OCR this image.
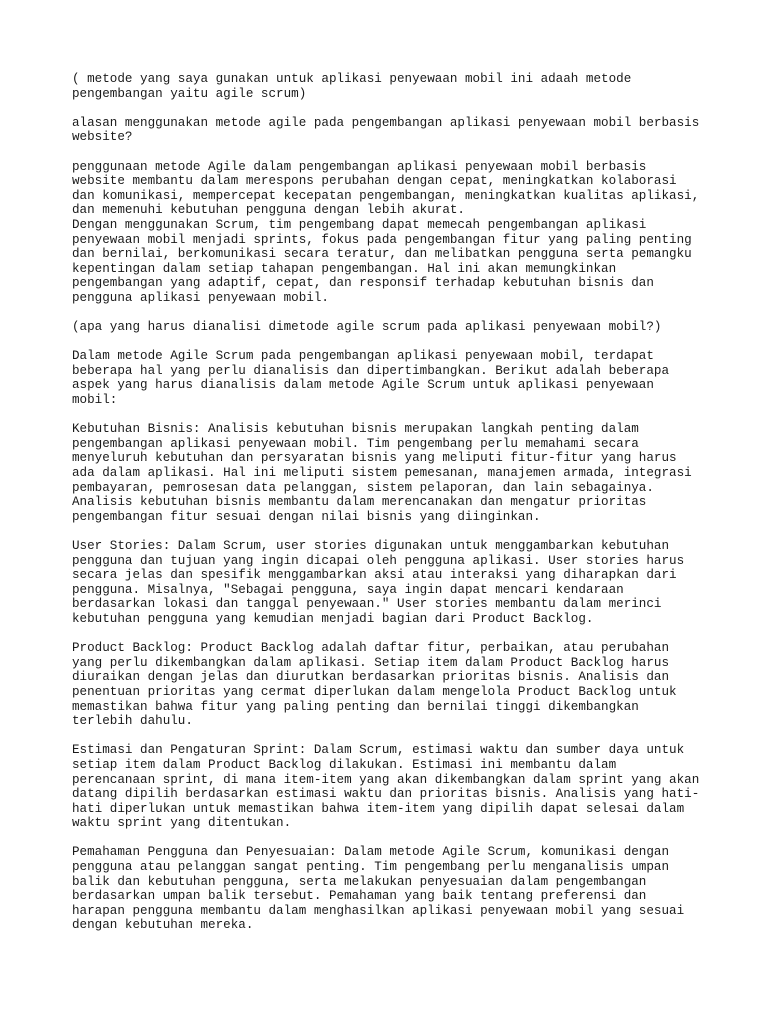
( metode yang saya gunakan untuk aplikasi penyewaan mobil ini adaah metode
pengembangan yaitu agile scrum)
alasan menggunakan metode agile pada pengembangan aplikasi penyewaan mobil berbasis
website?
penggunaan metode Agile dalam pengembangan aplikasi penyewaan mobil berbasis
website membantu dalam merespons perubahan dengan cepat, meningkatkan kolaborasi
dan komunikasi, mempercepat kecepatan pengembangan, meningkatkan kualitas aplikasi,
dan memenuhi kebutuhan pengguna dengan lebih akurat.
Dengan menggunakan Scrum, tim pengembang dapat memecah pengembangan aplikasi
penyewaan mobil menjadi sprints, fokus pada pengembangan fitur yang paling penting
dan bernilai, berkomunikasi secara teratur, dan melibatkan pengguna serta pemangku
kepentingan dalam setiap tahapan pengembangan. Hal ini akan memungkinkan
pengembangan yang adaptif, cepat, dan responsif terhadap kebutuhan bisnis dan
pengguna aplikasi penyewaan mobil.
(apa yang harus dianalisi dimetode agile scrum pada aplikasi penyewaan mobil?)
Dalam metode Agile Scrum pada pengembangan aplikasi penyewaan mobil, terdapat
beberapa hal yang perlu dianalisis dan dipertimbangkan. Berikut adalah beberapa
aspek yang harus dianalisis dalam metode Agile Scrum untuk aplikasi penyewaan
mobil:
Kebutuhan Bisnis: Analisis kebutuhan bisnis merupakan langkah penting dalam
pengembangan aplikasi penyewaan mobil. Tim pengembang perlu memahami secara
menyeluruh kebutuhan dan persyaratan bisnis yang meliputi fitur-fitur yang harus
ada dalam aplikasi. Hal ini meliputi sistem pemesanan, manajemen armada, integrasi
pembayaran, pemrosesan data pelanggan, sistem pelaporan, dan lain sebagainya.
Analisis kebutuhan bisnis membantu dalam merencanakan dan mengatur prioritas
pengembangan fitur sesuai dengan nilai bisnis yang diinginkan.
User Stories: Dalam Scrum, user stories digunakan untuk menggambarkan kebutuhan
pengguna dan tujuan yang ingin dicapai oleh pengguna aplikasi. User stories harus
secara jelas dan spesifik menggambarkan aksi atau interaksi yang diharapkan dari
pengguna. Misalnya, "Sebagai pengguna, saya ingin dapat mencari kendaraan
berdasarkan lokasi dan tanggal penyewaan." User stories membantu dalam merinci
kebutuhan pengguna yang kemudian menjadi bagian dari Product Backlog.
Product Backlog: Product Backlog adalah daftar fitur, perbaikan, atau perubahan
yang perlu dikembangkan dalam aplikasi. Setiap item dalam Product Backlog harus
diuraikan dengan jelas dan diurutkan berdasarkan prioritas bisnis. Analisis dan
penentuan prioritas yang cermat diperlukan dalam mengelola Product Backlog untuk
memastikan bahwa fitur yang paling penting dan bernilai tinggi dikembangkan
terlebih dahulu.
Estimasi dan Pengaturan Sprint: Dalam Scrum, estimasi waktu dan sumber daya untuk
setiap item dalam Product Backlog dilakukan. Estimasi ini membantu dalam
perencanaan sprint, di mana item-item yang akan dikembangkan dalam sprint yang akan
datang dipilih berdasarkan estimasi waktu dan prioritas bisnis. Analisis yang hati-
hati diperlukan untuk memastikan bahwa item-item yang dipilih dapat selesai dalam
waktu sprint yang ditentukan.
Pemahaman Pengguna dan Penyesuaian: Dalam metode Agile Scrum, komunikasi dengan
pengguna atau pelanggan sangat penting. Tim pengembang perlu menganalisis umpan
balik dan kebutuhan pengguna, serta melakukan penyesuaian dalam pengembangan
berdasarkan umpan balik tersebut. Pemahaman yang baik tentang preferensi dan
harapan pengguna membantu dalam menghasilkan aplikasi penyewaan mobil yang sesuai
dengan kebutuhan mereka.
